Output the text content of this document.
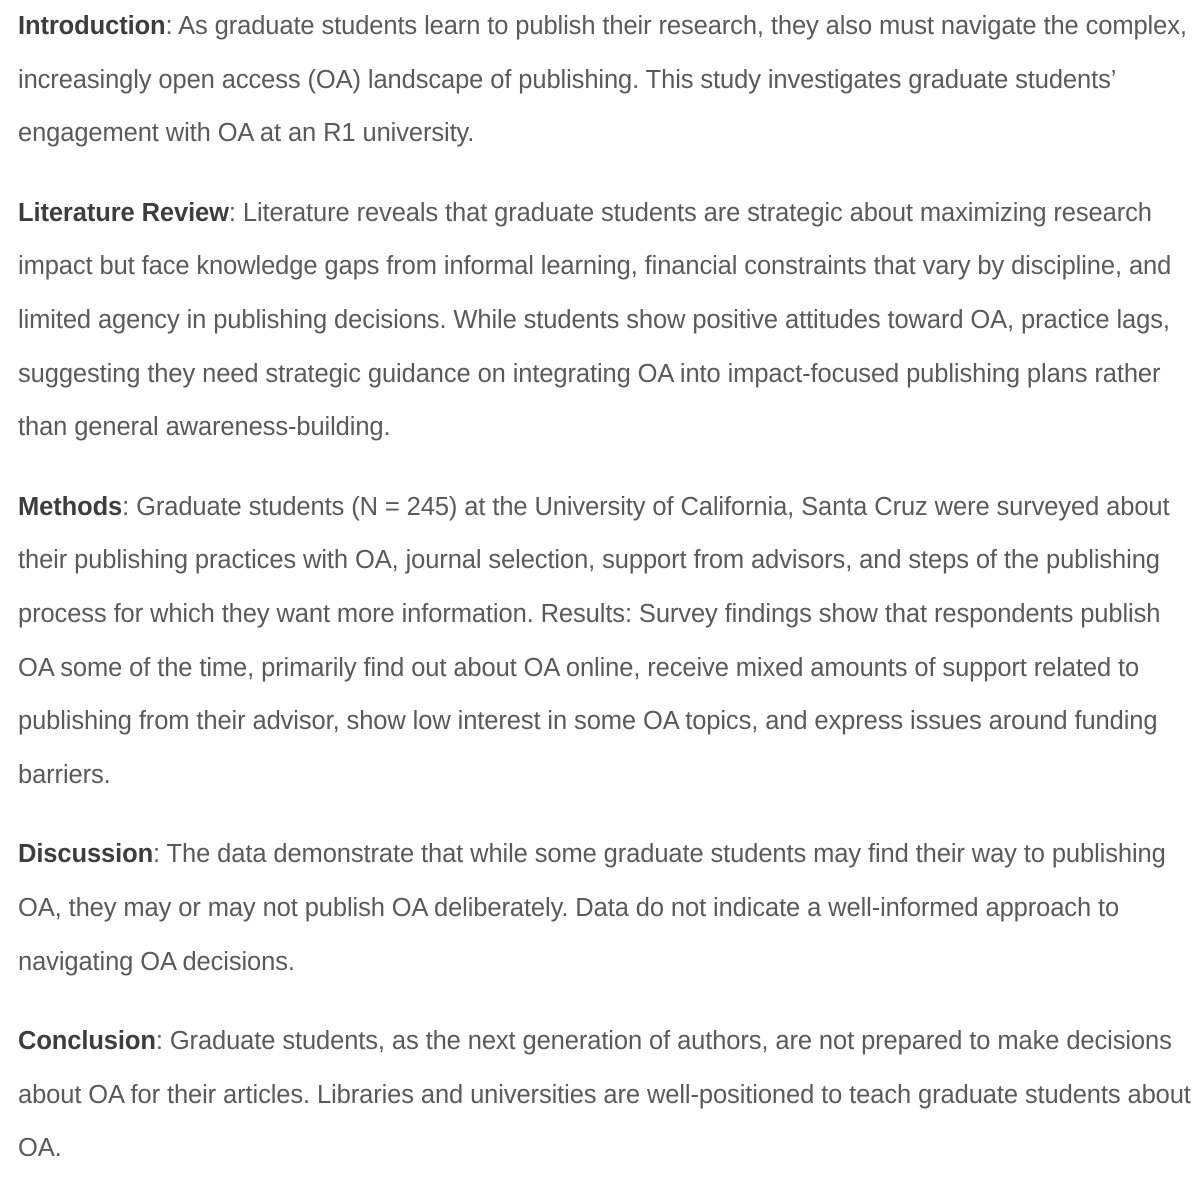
Introduction: As graduate students learn to publish their research, they also must navigate the complex, increasingly open access (OA) landscape of publishing. This study investigates graduate students’ engagement with OA at an R1 university.

Literature Review: Literature reveals that graduate students are strategic about maximizing research impact but face knowledge gaps from informal learning, financial constraints that vary by discipline, and limited agency in publishing decisions. While students show positive attitudes toward OA, practice lags, suggesting they need strategic guidance on integrating OA into impact-focused publishing plans rather than general awareness-building.

Methods: Graduate students (N = 245) at the University of California, Santa Cruz were surveyed about their publishing practices with OA, journal selection, support from advisors, and steps of the publishing process for which they want more information. Results: Survey findings show that respondents publish OA some of the time, primarily find out about OA online, receive mixed amounts of support related to publishing from their advisor, show low interest in some OA topics, and express issues around funding barriers.

Discussion: The data demonstrate that while some graduate students may find their way to publishing OA, they may or may not publish OA deliberately. Data do not indicate a well-informed approach to navigating OA decisions.

Conclusion: Graduate students, as the next generation of authors, are not prepared to make decisions about OA for their articles. Libraries and universities are well-positioned to teach graduate students about OA.
